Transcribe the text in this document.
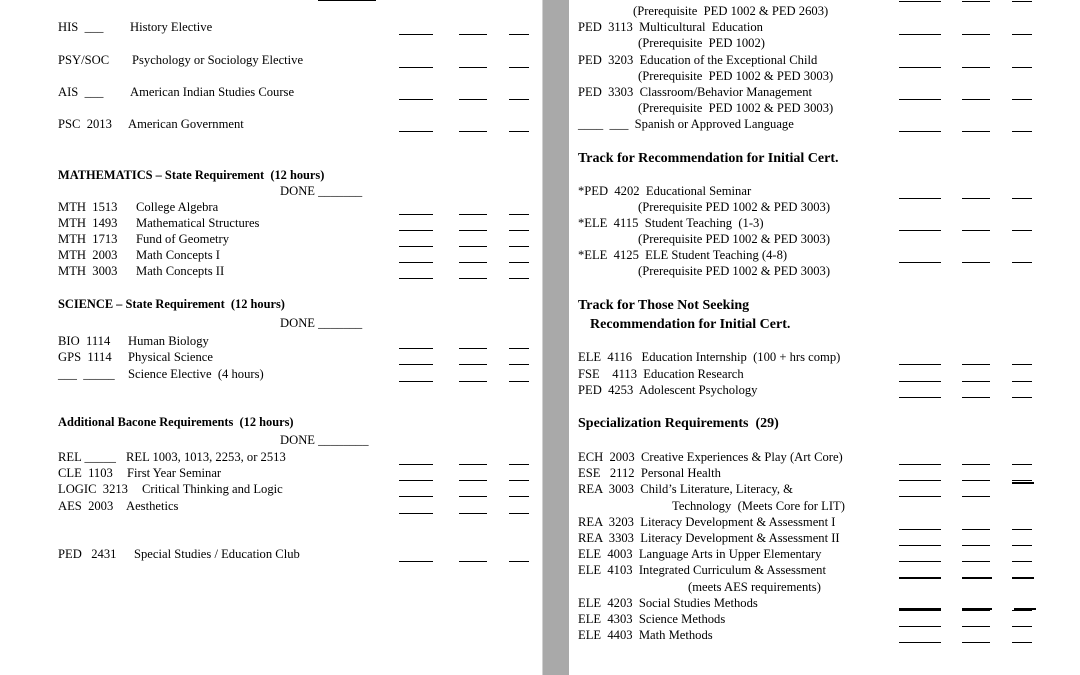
HIS  ___ History Elective
PSY/SOC Psychology or Sociology Elective
AIS  ___ American Indian Studies Course
PSC  2013 American Government
MATHEMATICS – State Requirement  (12 hours)
DONE _______
MTH  1513 College Algebra
MTH  1493 Mathematical Structures
MTH  1713 Fund of Geometry
MTH  2003 Math Concepts I
MTH  3003 Math Concepts II
SCIENCE – State Requirement  (12 hours)
DONE _______
BIO  1114 Human Biology
GPS  1114 Physical Science
___  _____ Science Elective  (4 hours)
Additional Bacone Requirements  (12 hours)
DONE ________
REL _____ REL 1003, 1013, 2253, or 2513
CLE  1103 First Year Seminar
LOGIC  3213 Critical Thinking and Logic
AES  2003 Aesthetics
PED   2431 Special Studies / Education Club
(Prerequisite  PED 1002 & PED 2603)
PED  3113  Multicultural  Education
(Prerequisite  PED 1002)
PED  3203  Education of the Exceptional Child
(Prerequisite  PED 1002 & PED 3003)
PED  3303  Classroom/Behavior Management
(Prerequisite  PED 1002 & PED 3003)
____  ___  Spanish or Approved Language
Track for Recommendation for Initial Cert.
*PED  4202  Educational Seminar
(Prerequisite PED 1002 & PED 3003)
*ELE  4115  Student Teaching  (1-3)
(Prerequisite PED 1002 & PED 3003)
*ELE  4125  ELE Student Teaching (4-8)
(Prerequisite PED 1002 & PED 3003)
Track for Those Not Seeking
Recommendation for Initial Cert.
ELE  4116   Education Internship  (100 + hrs comp)
FSE    4113  Education Research
PED  4253  Adolescent Psychology
Specialization Requirements  (29)
ECH  2003  Creative Experiences & Play (Art Core)
ESE   2112  Personal Health
REA  3003  Child’s Literature, Literacy, &
Technology  (Meets Core for LIT)
REA  3203  Literacy Development & Assessment I
REA  3303  Literacy Development & Assessment II
ELE  4003  Language Arts in Upper Elementary
ELE  4103  Integrated Curriculum & Assessment
(meets AES requirements)
ELE  4203  Social Studies Methods
ELE  4303  Science Methods
ELE  4403  Math Methods
